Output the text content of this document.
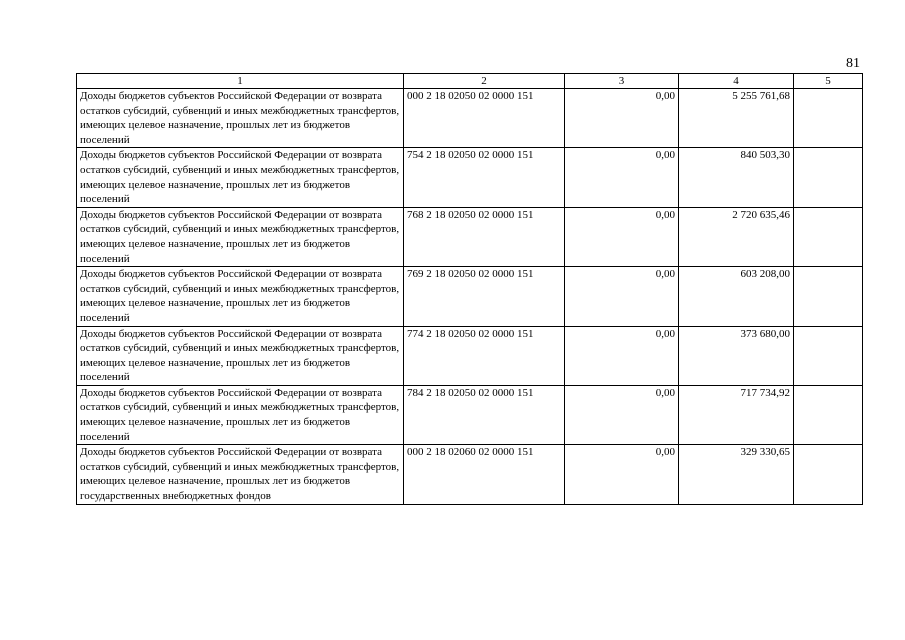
81
1	2	3	4	5
Доходы бюджетов субъектов Российской Федерации от возврата остатков субсидий, субвенций и иных межбюджетных трансфертов, имеющих целевое назначение, прошлых лет из бюджетов поселений	000 2 18 02050 02 0000 151	0,00	5 255 761,68	
Доходы бюджетов субъектов Российской Федерации от возврата остатков субсидий, субвенций и иных межбюджетных трансфертов, имеющих целевое назначение, прошлых лет из бюджетов поселений	754 2 18 02050 02 0000 151	0,00	840 503,30	
Доходы бюджетов субъектов Российской Федерации от возврата остатков субсидий, субвенций и иных межбюджетных трансфертов, имеющих целевое назначение, прошлых лет из бюджетов поселений	768 2 18 02050 02 0000 151	0,00	2 720 635,46	
Доходы бюджетов субъектов Российской Федерации от возврата остатков субсидий, субвенций и иных межбюджетных трансфертов, имеющих целевое назначение, прошлых лет из бюджетов поселений	769 2 18 02050 02 0000 151	0,00	603 208,00	
Доходы бюджетов субъектов Российской Федерации от возврата остатков субсидий, субвенций и иных межбюджетных трансфертов, имеющих целевое назначение, прошлых лет из бюджетов поселений	774 2 18 02050 02 0000 151	0,00	373 680,00	
Доходы бюджетов субъектов Российской Федерации от возврата остатков субсидий, субвенций и иных межбюджетных трансфертов, имеющих целевое назначение, прошлых лет из бюджетов поселений	784 2 18 02050 02 0000 151	0,00	717 734,92	
Доходы бюджетов субъектов Российской Федерации от возврата остатков субсидий, субвенций и иных межбюджетных трансфертов, имеющих целевое назначение, прошлых лет из бюджетов государственных внебюджетных фондов	000 2 18 02060 02 0000 151	0,00	329 330,65	
